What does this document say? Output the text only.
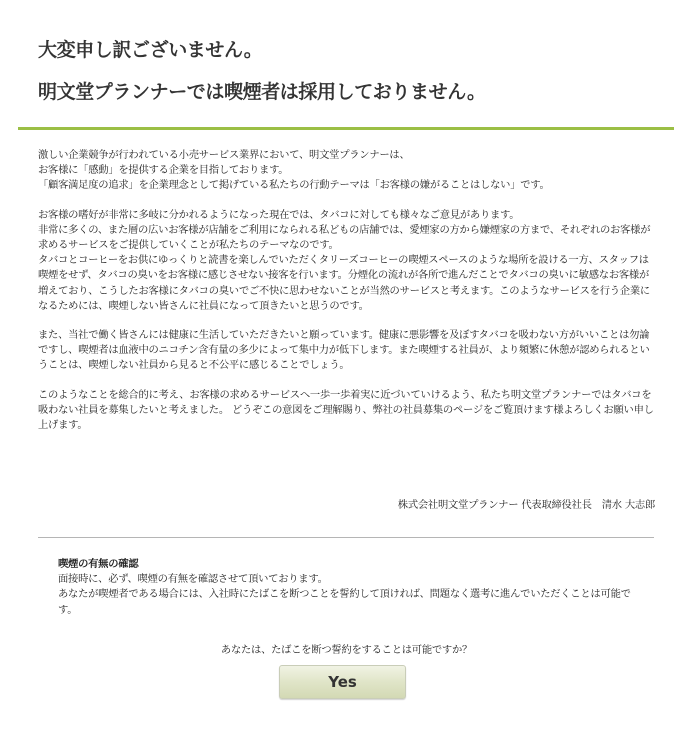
大変申し訳ございません。
明文堂プランナーでは喫煙者は採用しておりません。

激しい企業競争が行われている小売サービス業界において、明文堂プランナーは、
お客様に「感動」を提供する企業を目指しております。
「顧客満足度の追求」を企業理念として掲げている私たちの行動テーマは「お客様の嫌がることはしない」です。

お客様の嗜好が非常に多岐に分かれるようになった現在では、タバコに対しても様々なご意見があります。
非常に多くの、また層の広いお客様が店舗をご利用になられる私どもの店舗では、愛煙家の方から嫌煙家の方まで、それぞれのお客様が求めるサービスをご提供していくことが私たちのテーマなのです。
タバコとコーヒーをお供にゆっくりと読書を楽しんでいただくタリーズコーヒーの喫煙スペースのような場所を設ける一方、スタッフは喫煙をせず、タバコの臭いをお客様に感じさせない接客を行います。分煙化の流れが各所で進んだことでタバコの臭いに敏感なお客様が増えており、こうしたお客様にタバコの臭いでご不快に思わせないことが当然のサービスと考えます。このようなサービスを行う企業になるためには、喫煙しない皆さんに社員になって頂きたいと思うのです。

また、当社で働く皆さんには健康に生活していただきたいと願っています。健康に悪影響を及ぼすタバコを吸わない方がいいことは勿論ですし、喫煙者は血液中のニコチン含有量の多少によって集中力が低下します。また喫煙する社員が、より頻繁に休憩が認められるということは、喫煙しない社員から見ると不公平に感じることでしょう。

このようなことを総合的に考え、お客様の求めるサービスへ一歩一歩着実に近づいていけるよう、私たち明文堂プランナーではタバコを吸わない社員を募集したいと考えました。 どうぞこの意図をご理解賜り、弊社の社員募集のページをご覧頂けます様よろしくお願い申し上げます。

株式会社明文堂プランナー 代表取締役社長　清水 大志郎

喫煙の有無の確認

面接時に、必ず、喫煙の有無を確認させて頂いております。
あなたが喫煙者である場合には、入社時にたばこを断つことを誓約して頂ければ、問題なく選考に進んでいただくことは可能です。

あなたは、たばこを断つ誓約をすることは可能ですか？
Yes
